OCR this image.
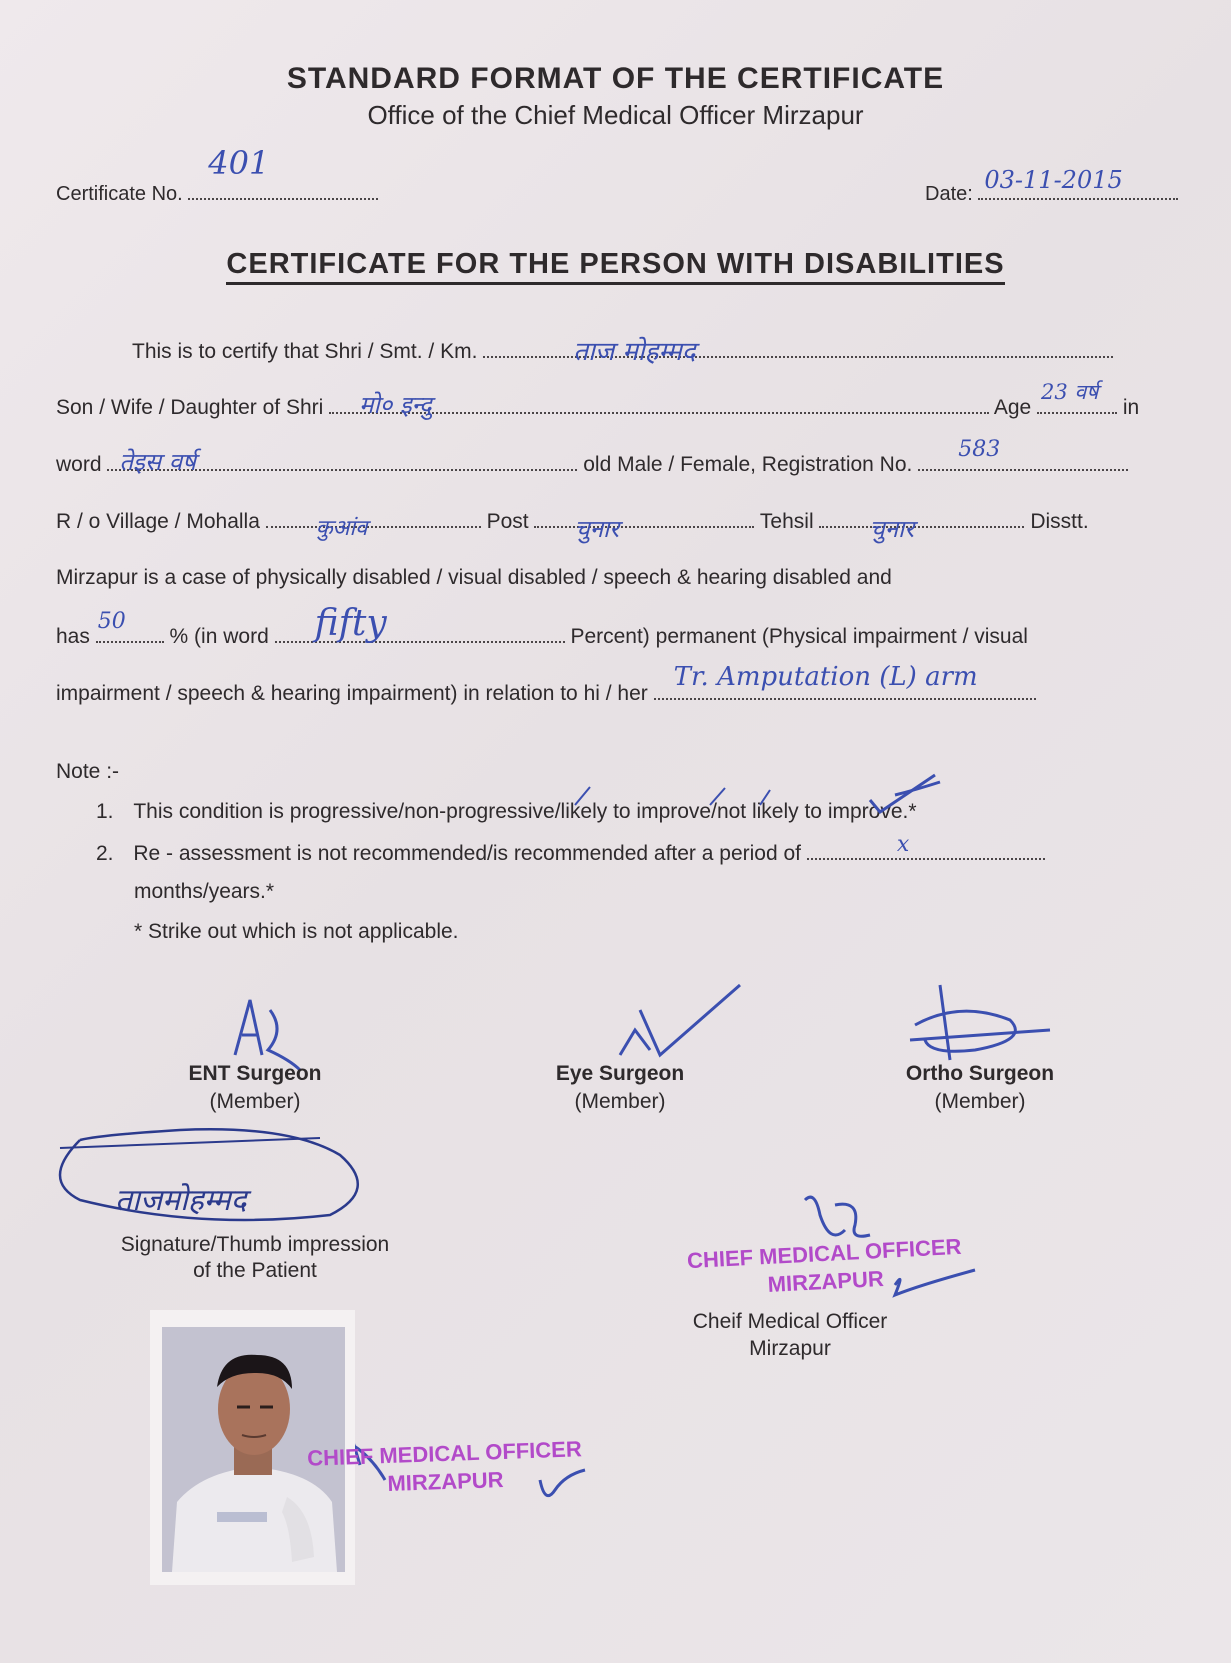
STANDARD FORMAT OF THE CERTIFICATE
Office of the Chief Medical Officer Mirzapur
Certificate No.
401
Date: 03-11-2015
CERTIFICATE FOR THE PERSON WITH DISABILITIES
This is to certify that Shri / Smt. / Km.	ताज मोहम्मद
Son / Wife / Daughter of Shri मो० इन्दु	Age
23 वर्ष
in
word तेइस वर्ष	old Male / Female, Registration No.
583
R / o Village / Mohalla	कुआंव	Post चुनार	Tehsil चुनार	Disstt.
Mirzapur is a case of physically disabled / visual disabled / speech & hearing disabled and
has
50
% (in word fifty	Percent) permanent (Physical impairment / visual
impairment / speech & hearing impairment) in relation to hi / her
Tr. Amputation (L) arm
Note :-
1. This condition is progressive/non-progressive/likely to improve/not likely to improve.*
2. Re - assessment is not recommended/is recommended after a period of	x
months/years.*
* Strike out which is not applicable.
ENT Surgeon
(Member)
Eye Surgeon
(Member)
Ortho Surgeon
(Member)
ताजमोहम्मद
Signature/Thumb impression
of the Patient	CHIEF MEDICAL OFFICER
MIRZAPUR
Cheif Medical Officer
Mirzapur
CHIEF MEDICAL OFFICER
MIRZAPUR
